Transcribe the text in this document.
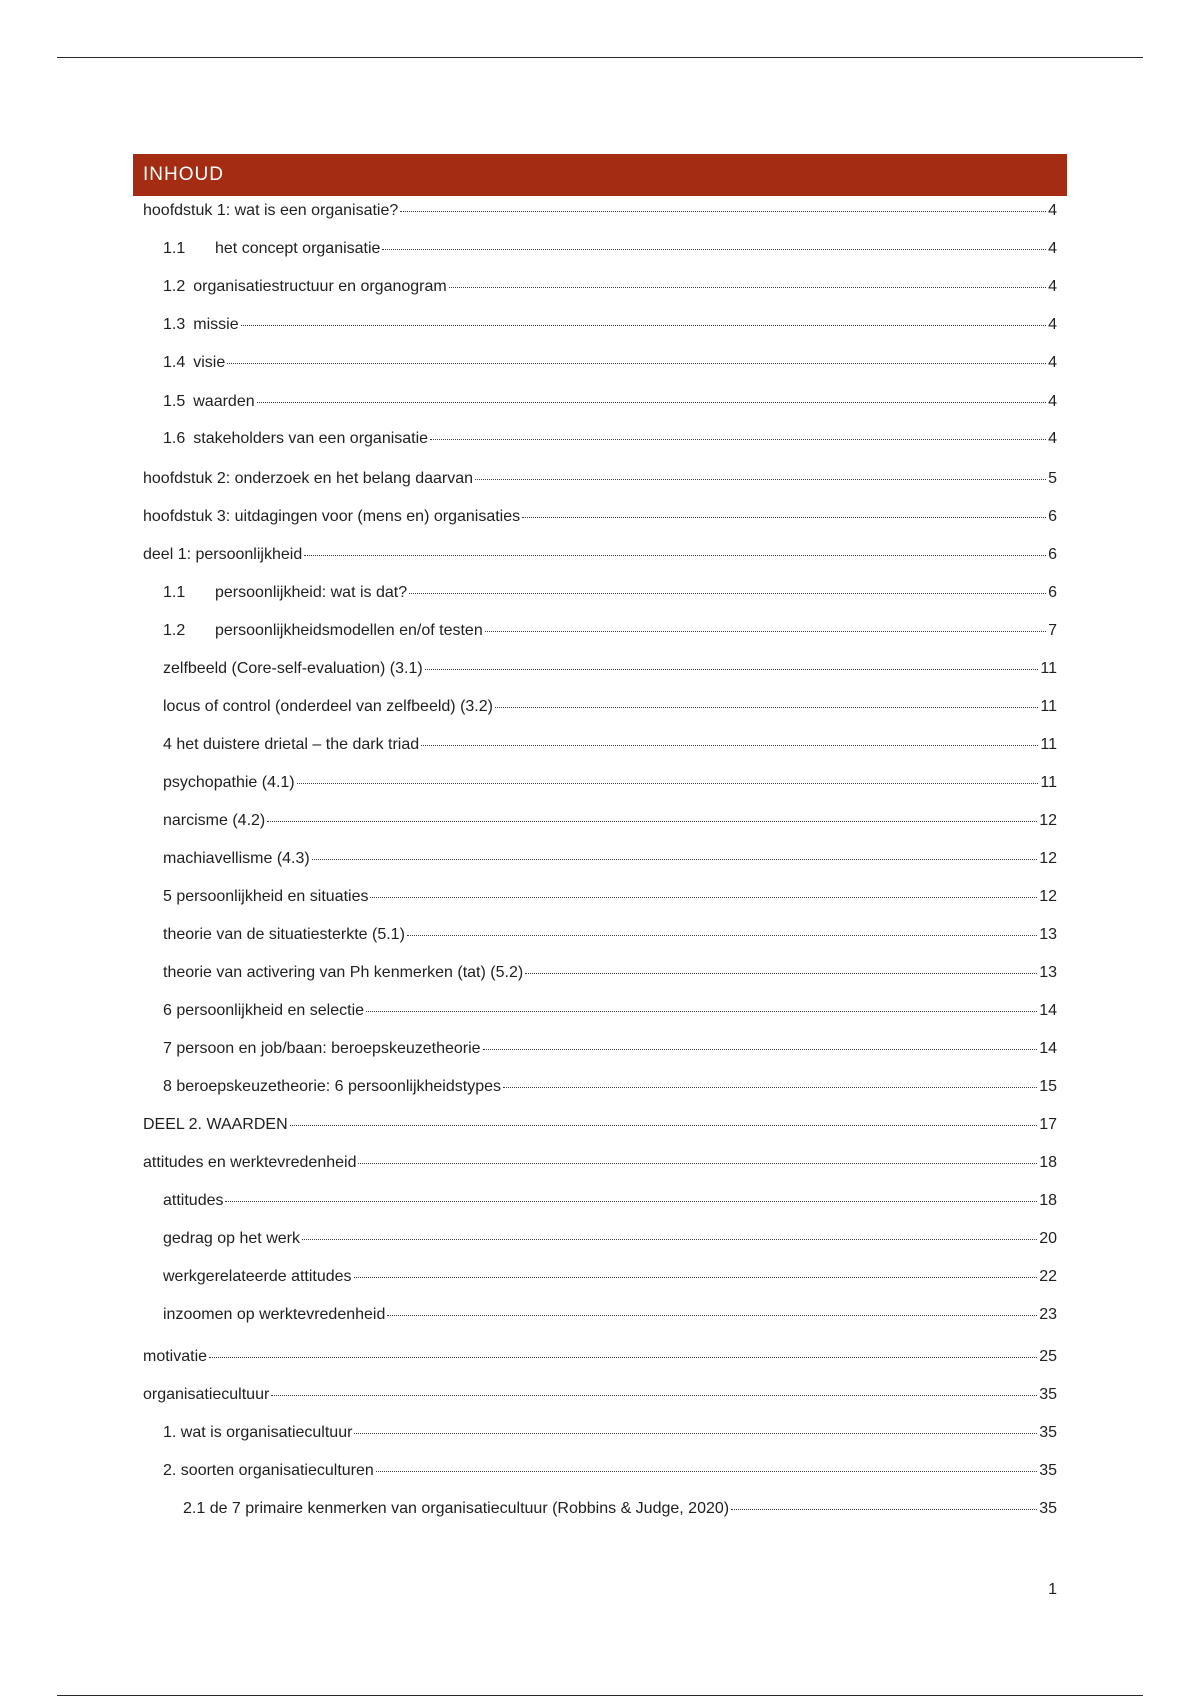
INHOUD
hoofdstuk 1: wat is een organisatie?	4
1.1	het concept organisatie	4
1.2 organisatiestructuur en organogram	4
1.3 missie	4
1.4 visie	4
1.5 waarden	4
1.6 stakeholders van een organisatie	4
hoofdstuk 2: onderzoek en het belang daarvan	5
hoofdstuk 3: uitdagingen voor (mens en) organisaties	6
deel 1: persoonlijkheid	6
1.1	persoonlijkheid: wat is dat?	6
1.2	persoonlijkheidsmodellen en/of testen	7
zelfbeeld (Core-self-evaluation) (3.1)	11
locus of control (onderdeel van zelfbeeld) (3.2)	11
4 het duistere drietal – the dark triad	11
psychopathie (4.1)	11
narcisme (4.2)	12
machiavellisme (4.3)	12
5 persoonlijkheid en situaties	12
theorie van de situatiesterkte (5.1)	13
theorie van activering van Ph kenmerken (tat) (5.2)	13
6 persoonlijkheid en selectie	14
7 persoon en job/baan: beroepskeuzetheorie	14
8 beroepskeuzetheorie: 6 persoonlijkheidstypes	15
DEEL 2. WAARDEN	17
attitudes en werktevredenheid	18
attitudes	18
gedrag op het werk	20
werkgerelateerde attitudes	22
inzoomen op werktevredenheid	23
motivatie	25
organisatiecultuur	35
1. wat is organisatiecultuur	35
2. soorten organisatieculturen	35
2.1 de 7 primaire kenmerken van organisatiecultuur (Robbins & Judge, 2020)	35
1
